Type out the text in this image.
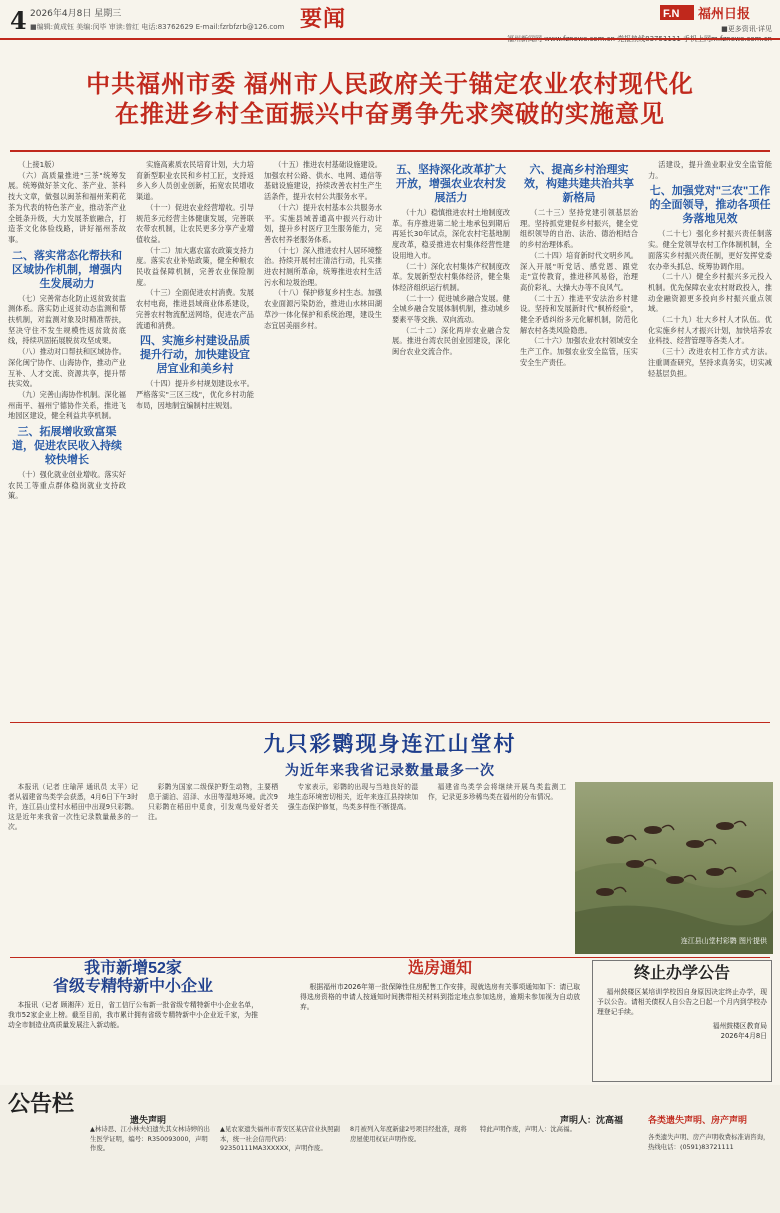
4 2026年4月8日 星期三
■编辑:黄成钰 美编:闵毕 审读:曾红 电话:83762629 E-mail:fzrbfzrb@126.com 要闻	F.N 福州日报
■更多资讯·详见
中共福州市委 福州市人民政府关于锚定农业农村现代化
在推进乡村全面振兴中奋勇争先求突破的实施意见

（上接1版）

（六）高质量推进"三茶"统筹发展。统筹做好茶文化、茶产业、茶科技大文章，做强以闽茶和福州茉莉花茶为代表的特色茶产业，推动茶产业全链条升级，大力发展茶旅融合，打造茶文化体验线路，讲好福州茶故事。

二、落实常态化帮扶和区域协作机制，增强内生发展动力

（七）完善常态化防止返贫致贫监测体系。落实防止返贫动态监测和帮扶机制，对监测对象及时精准帮扶，坚决守住不发生规模性返贫致贫底线，持续巩固拓展脱贫攻坚成果。

（八）推动对口帮扶和区域协作。深化闽宁协作、山海协作，推动产业互补、人才交流、资源共享，提升帮扶实效。

（九）完善山海协作机制。深化福州南平、福州宁德协作关系，推进飞地园区建设，健全利益共享机制。

三、拓展增收致富渠道，促进农民收入持续较快增长

（十）强化就业创业增收。落实好农民工等重点群体稳岗就业支持政策。

实施高素质农民培育计划，大力培育新型职业农民和乡村工匠，支持返乡入乡人员创业创新，拓宽农民增收渠道。

（十一）促进农业经营增收。引导规范多元经营主体健康发展，完善联农带农机制，让农民更多分享产业增值收益。

（十二）加大惠农富农政策支持力度。落实农业补贴政策，健全种粮农民收益保障机制，完善农业保险制度。

（十三）全面促进农村消费。发展农村电商，推进县域商业体系建设，完善农村物流配送网络，促进农产品流通和消费。

四、实施乡村建设品质提升行动，加快建设宜居宜业和美乡村

（十四）提升乡村规划建设水平。严格落实"三区三线"，优化乡村功能布局，因地制宜编制村庄规划。

（十五）推进农村基础设施建设。加强农村公路、供水、电网、通信等基础设施建设，持续改善农村生产生活条件，提升农村公共服务水平。

（十六）提升农村基本公共服务水平。实施县域普通高中振兴行动计划，提升乡村医疗卫生服务能力，完善农村养老服务体系。

（十七）深入推进农村人居环境整治。持续开展村庄清洁行动，扎实推进农村厕所革命，统筹推进农村生活污水和垃圾治理。

（十八）保护修复乡村生态。加强农业面源污染防治，推进山水林田湖草沙一体化保护和系统治理，建设生态宜居美丽乡村。

五、坚持深化改革扩大开放，增强农业农村发展活力

（十九）稳慎推进农村土地制度改革。有序推进第二轮土地承包到期后再延长30年试点，深化农村宅基地制度改革，稳妥推进农村集体经营性建设用地入市。

（二十）深化农村集体产权制度改革。发展新型农村集体经济，健全集体经济组织运行机制。

（二十一）促进城乡融合发展。健全城乡融合发展体制机制，推动城乡要素平等交换、双向流动。

（二十二）深化两岸农业融合发展。推进台湾农民创业园建设，深化闽台农业交流合作。

六、提高乡村治理实效，构建共建共治共享新格局

（二十三）坚持党建引领基层治理。坚持抓党建促乡村振兴，健全党组织领导的自治、法治、德治相结合的乡村治理体系。

（二十四）培育新时代文明乡风。深入开展"听党话、感党恩、跟党走"宣传教育，推进移风易俗，治理高价彩礼、大操大办等不良风气。

（二十五）推进平安法治乡村建设。坚持和发展新时代"枫桥经验"，健全矛盾纠纷多元化解机制，防范化解农村各类风险隐患。

（二十六）加强农业农村领域安全生产工作。加强农业安全监管，压实安全生产责任。

活建设，提升渔业职业安全监管能力。

七、加强党对"三农"工作的全面领导，推动各项任务落地见效

（二十七）强化乡村振兴责任制落实。健全党领导农村工作体制机制，全面落实乡村振兴责任制，更好发挥党委农办牵头抓总、统筹协调作用。

（二十八）健全乡村振兴多元投入机制。优先保障农业农村财政投入，推动金融资源更多投向乡村振兴重点领域。

（二十九）壮大乡村人才队伍。优化实施乡村人才振兴计划，加快培养农业科技、经营管理等各类人才。

（三十）改进农村工作方式方法。注重调查研究，坚持求真务实，切实减轻基层负担。

九只彩鹮现身连江山堂村
为近年来我省记录数量最多一次

本报讯（记者 庄瑜萍 通讯员 太平）记者从福建省鸟类学会获悉，4月6日下午3时许，连江县山堂村水稻田中出现9只彩鹮。这是近年来我省一次性记录数量最多的一次。

彩鹮为国家二级保护野生动物，主要栖息于湖泊、沼泽、水田等湿地环境。此次9只彩鹮在稻田中觅食，引发观鸟爱好者关注。

专家表示，彩鹮的出现与当地良好的湿地生态环境密切相关，近年来连江县持续加强生态保护修复，鸟类多样性不断提高。

福建省鸟类学会将继续开展鸟类监测工作，记录更多珍稀鸟类在福州的分布情况。

连江县山堂村彩鹮 图片提供
我市新增52家
省级专精特新中小企业

本报讯（记者 顾湘萍）近日，省工信厅公布新一批省级专精特新中小企业名单，我市52家企业上榜。截至目前，我市累计拥有省级专精特新中小企业近千家，为推动全市制造业高质量发展注入新动能。

选房通知

根据福州市2026年第一批保障性住房配售工作安排，现就选房有关事项通知如下：请已取得选房资格的申请人按通知时间携带相关材料到指定地点参加选房，逾期未参加视为自动放弃。

终止办学公告

福州鼓楼区某培训学校因自身原因决定终止办学，现予以公告。请相关债权人自公告之日起一个月内到学校办理登记手续。

福州鼓楼区教育局
2026年4月8日
公告栏
遗失声明	声明人：沈高福	各类遗失声明、房产声明
▲林诗思、江小林夫妇遗失其女林诗婷的出生医学证明，编号：R350093000，声明作废。
▲见农家遗失福州市晋安区某店营业执照副本，统一社会信用代码：92350111MA3XXXXX，声明作废。
8月被列入年度新建2号项目经批准，现将房屋使用权证声明作废。
特此声明作废，声明人：沈高福。
各类遗失声明、房产声明收费标准请咨询，热线电话：(0591)83721111
